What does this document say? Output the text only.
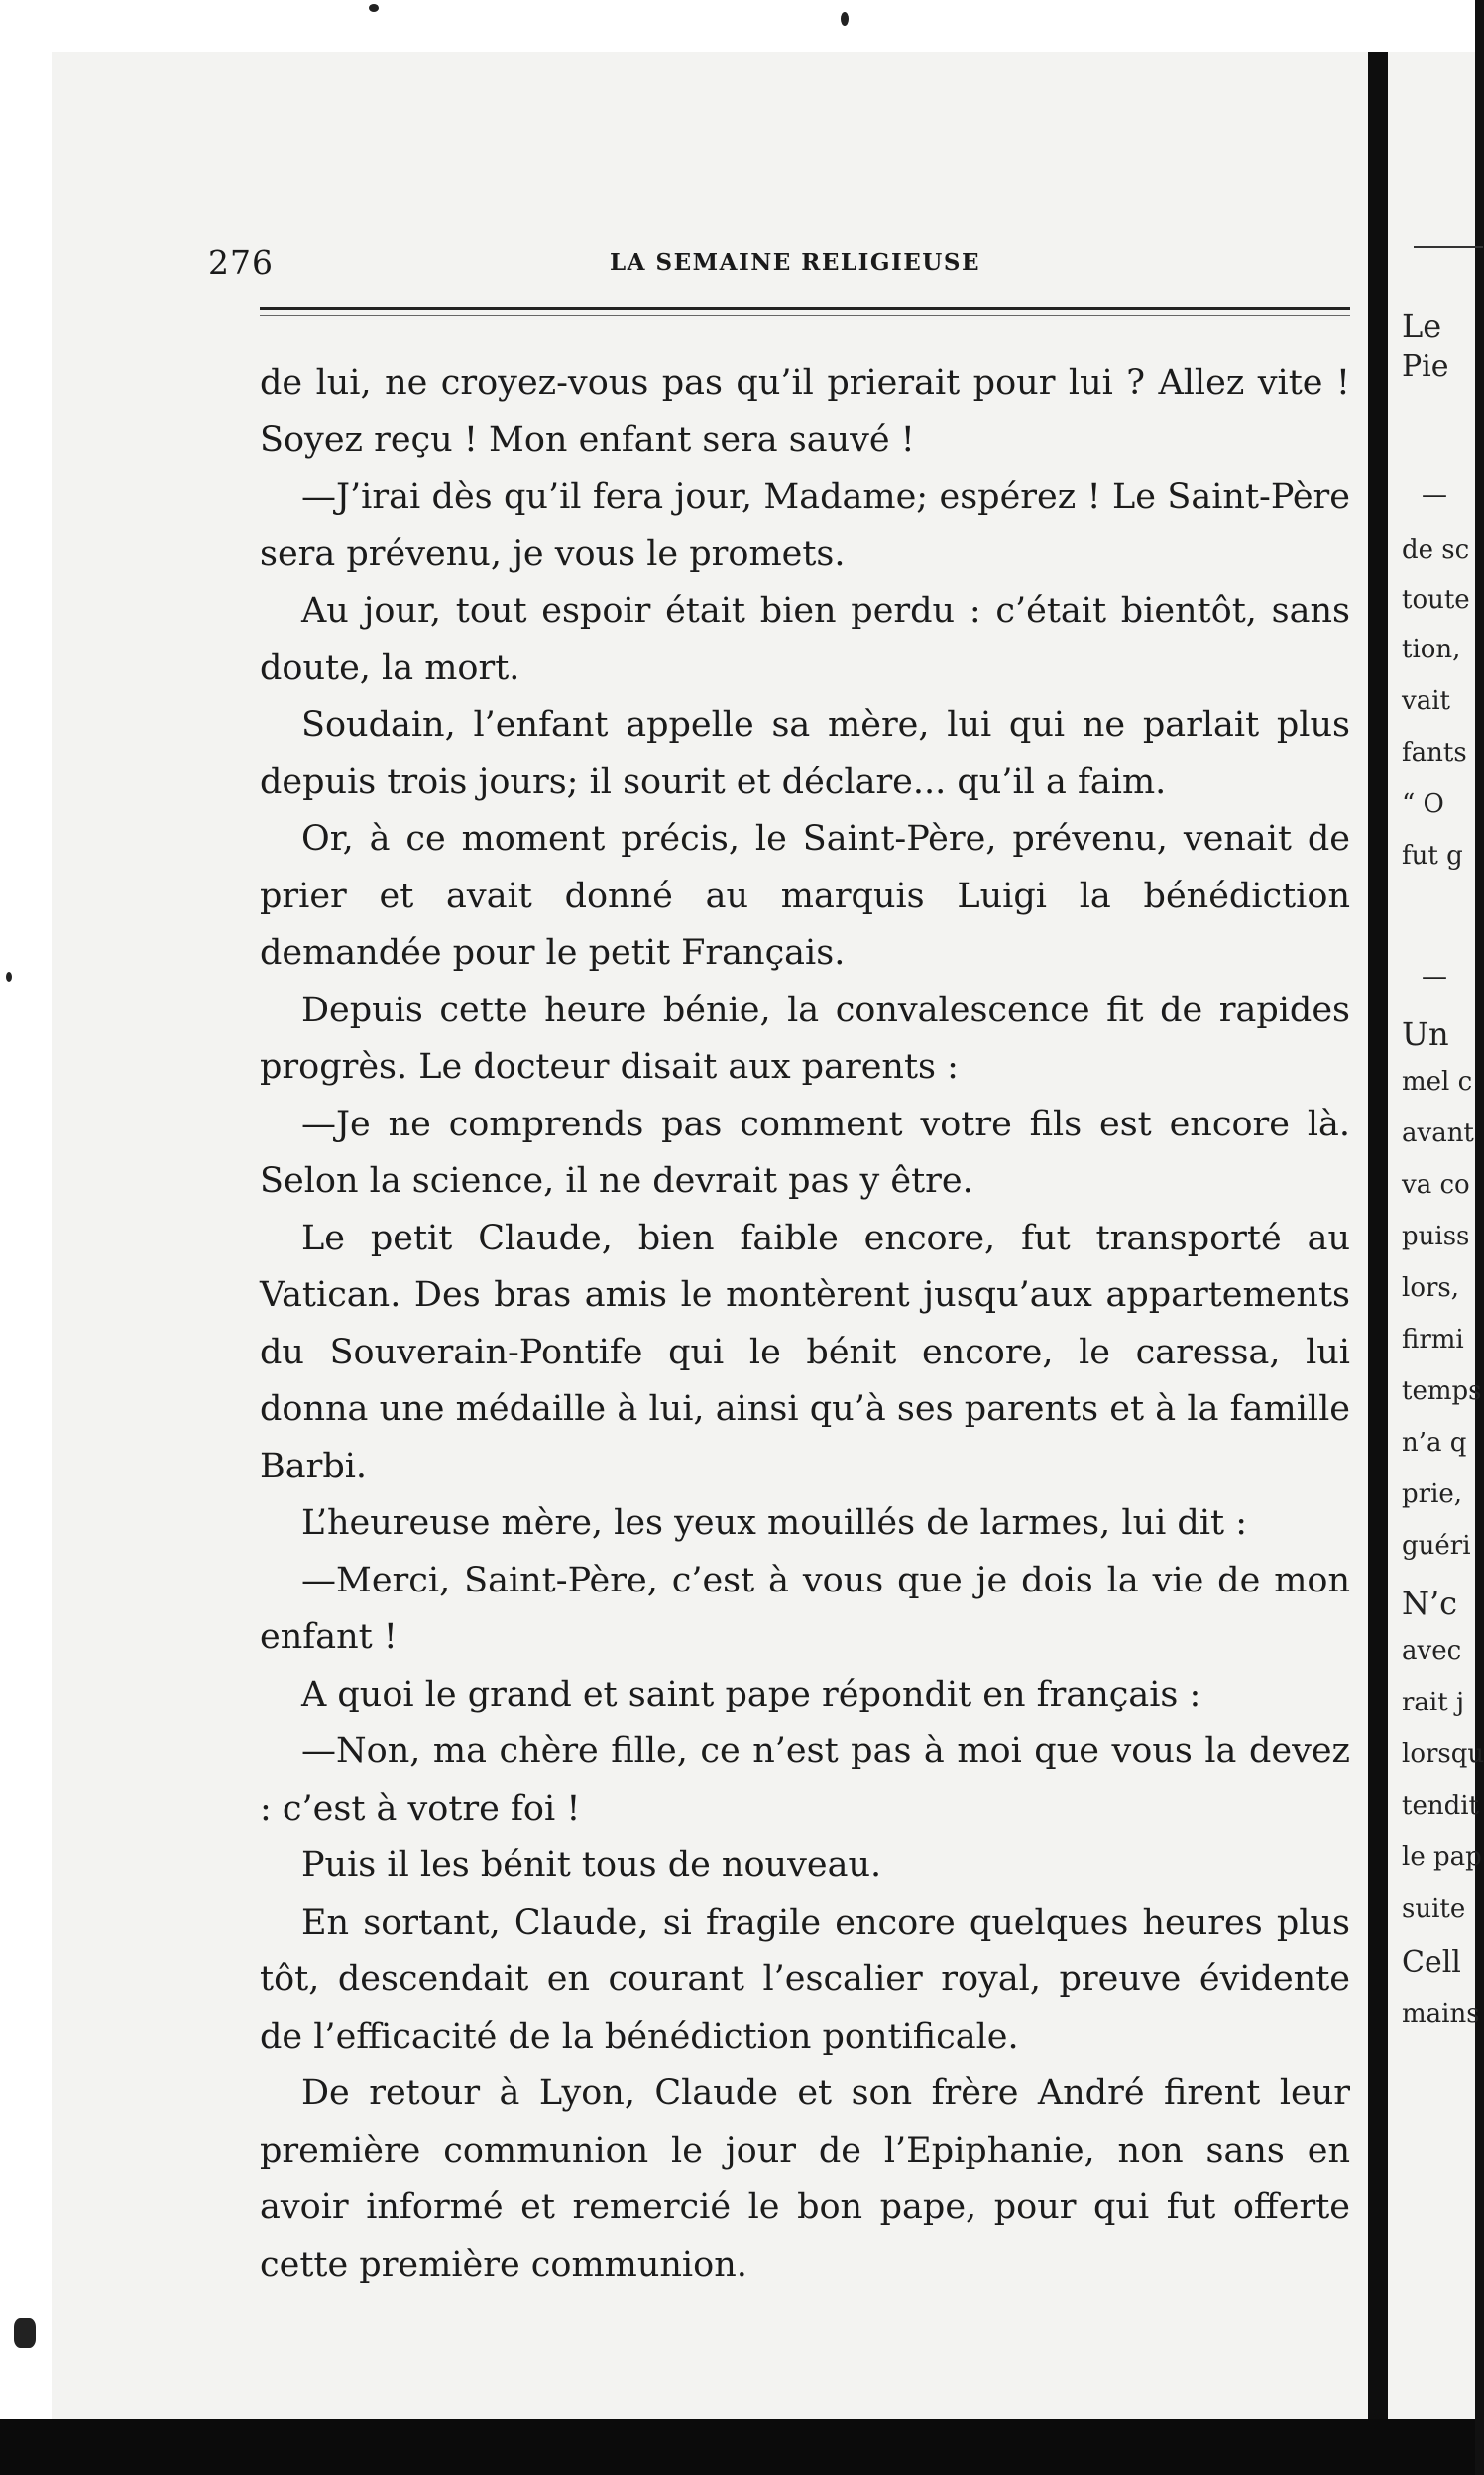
Le
Pie
—
de sc
toute
tion,
vait
fants
“ O
fut g
—
Un
mel c
avant
va co
puiss
lors,
firmi
temps
n’a q
prie,
guéri
N’c
avec
rait j
lorsqu
tendit
le pap
suite
Cell
mains
276	LA SEMAINE RELIGIEUSE

de lui, ne croyez-vous pas qu’il prierait pour lui ? Allez vite ! Soyez reçu ! Mon enfant sera sauvé !

—J’irai dès qu’il fera jour, Madame; espérez ! Le Saint-Père sera prévenu, je vous le promets.

Au jour, tout espoir était bien perdu : c’était bientôt, sans doute, la mort.

Soudain, l’enfant appelle sa mère, lui qui ne parlait plus depuis trois jours; il sourit et déclare... qu’il a faim.

Or, à ce moment précis, le Saint-Père, prévenu, venait de prier et avait donné au marquis Luigi la bénédiction demandée pour le petit Français.

Depuis cette heure bénie, la convalescence fit de rapides progrès. Le docteur disait aux parents :

—Je ne comprends pas comment votre fils est encore là. Selon la science, il ne devrait pas y être.

Le petit Claude, bien faible encore, fut transporté au Vatican. Des bras amis le montèrent jusqu’aux appartements du Souverain-Pontife qui le bénit encore, le caressa, lui donna une médaille à lui, ainsi qu’à ses parents et à la famille Barbi.

L’heureuse mère, les yeux mouillés de larmes, lui dit :

—Merci, Saint-Père, c’est à vous que je dois la vie de mon enfant !

A quoi le grand et saint pape répondit en français :

—Non, ma chère fille, ce n’est pas à moi que vous la devez : c’est à votre foi !

Puis il les bénit tous de nouveau.

En sortant, Claude, si fragile encore quelques heures plus tôt, descendait en courant l’escalier royal, preuve évidente de l’efficacité de la bénédiction pontificale.

De retour à Lyon, Claude et son frère André firent leur première communion le jour de l’Epiphanie, non sans en avoir informé et remercié le bon pape, pour qui fut offerte cette première communion.
